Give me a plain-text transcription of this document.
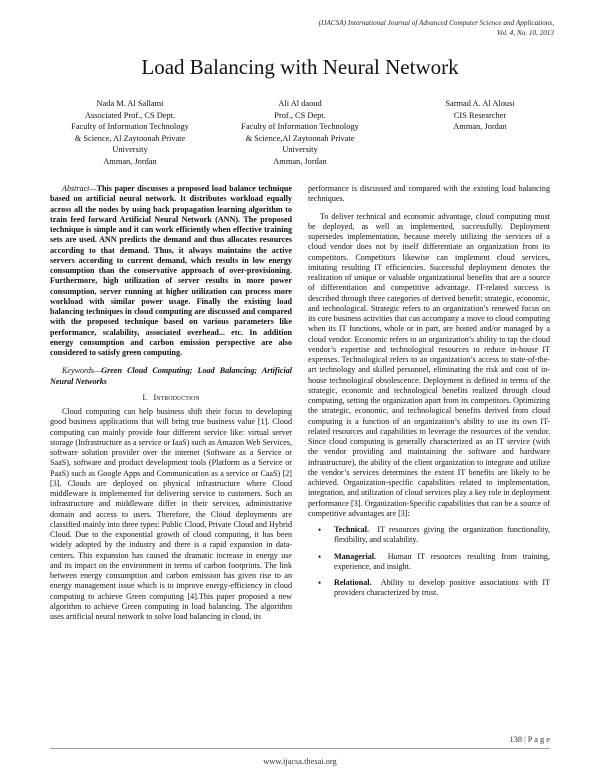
(IJACSA) International Journal of Advanced Computer Science and Applications,
Vol. 4, No. 10, 2013
Load Balancing with Neural Network
Nada M. Al Sallami
Associated Prof., CS Dept.
Faculty of Information Technology
& Science, Al Zaytoonah Private
University
Amman, Jordan
Ali Al daoud
Prof., CS Dept.
Faculty of Information Technology
& Science,Al Zaytoonah Private
University
Amman, Jordan
Sarmad A. Al Alousi
CIS Researcher
Amman, Jordan

Abstract—This paper discusses a proposed load balance technique based on artificial neural network. It distributes workload equally across all the nodes by using back propagation learning algorithm to train feed forward Artificial Neural Network (ANN). The proposed technique is simple and it can work efficiently when effective training sets are used. ANN predicts the demand and thus allocates resources according to that demand. Thus, it always maintains the active servers according to current demand, which results in low energy consumption than the conservative approach of over-provisioning. Furthermore, high utilization of server results in more power consumption, server running at higher utilization can process more workload with similar power usage. Finally the existing load balancing techniques in cloud computing are discussed and compared with the proposed technique based on various parameters like performance, scalability, associated overhead... etc. In addition energy consumption and carbon emission perspective are also considered to satisfy green computing.

Keywords—Green Cloud Computing; Load Balancing; Artificial Neural Networks

I. Introduction

Cloud computing can help business shift their focus to developing good business applications that will bring true business value [1]. Cloud computing can mainly provide four different service like: virtual server storage (Infrastructure as a service or IaaS) such as Amazon Web Services, software solution provider over the internet (Software as a Service or SaaS), software and product development tools (Platform as a Service or PaaS) such as Google Apps and Communication as a service or CaaS) [2][3]. Clouds are deployed on physical infrastructure where Cloud middleware is implemented for delivering service to customers. Such an infrastructure and middleware differ in their services, administrative domain and access to users. Therefore, the Cloud deployments are classified mainly into three types: Public Cloud, Private Cloud and Hybrid Cloud. Due to the exponential growth of cloud computing, it has been widely adopted by the industry and there is a rapid expansion in data-centers. This expansion has caused the dramatic increase in energy use and its impact on the environment in terms of carbon footprints. The link between energy consumption and carbon emission has given rise to an energy management issue which is to improve energy-efficiency in cloud computing to achieve Green computing [4].This paper proposed a new algorithm to achieve Green computing in load balancing. The algorithm uses artificial neural network to solve load balancing in cloud, its

performance is discussed and compared with the existing load balancing techniques.

To deliver technical and economic advantage, cloud computing must be deployed, as well as implemented, successfully. Deployment supersedes implementation, because merely utilizing the services of a cloud vendor does not by itself differentiate an organization from its competitors. Competitors likewise can implement cloud services, imitating resulting IT efficiencies. Successful deployment denotes the realization of unique or valuable organizational benefits that are a source of differentiation and competitive advantage. IT-related success is described through three categories of derived benefit: strategic, economic, and technological. Strategic refers to an organization’s renewed focus on its core business activities that can accompany a move to cloud computing when its IT functions, whole or in part, are hosted and/or managed by a cloud vendor. Economic refers to an organization’s ability to tap the cloud vendor’s expertise and technological resources to reduce in-house IT expenses. Technological refers to an organization’s access to state-of-the-art technology and skilled personnel, eliminating the risk and cost of in-house technological obsolescence. Deployment is defined in terms of the strategic, economic and technological benefits realized through cloud computing, setting the organization apart from its competitors. Optimizing the strategic, economic, and technological benefits derived from cloud computing is a function of an organization’s ability to use its own IT-related resources and capabilities to leverage the resources of the vendor. Since cloud computing is generally characterized as an IT service (with the vendor providing and maintaining the software and hardware infrastructure), the ability of the client organization to integrate and utilize the vendor’s services determines the extent IT benefits are likely to be achieved. Organization-specific capabilities related to implementation, integration, and utilization of cloud services play a key role in deployment performance [3]. Organization-Specific capabilities that can be a source of competitive advantages are [3]:

• Technical. IT resources giving the organization functionality, flexibility, and scalability.
• Managerial. Human IT resources resulting from training, experience, and insight.
• Relational. Ability to develop positive associations with IT providers characterized by trust.
138 | P a g e
www.ijacsa.thesai.org
